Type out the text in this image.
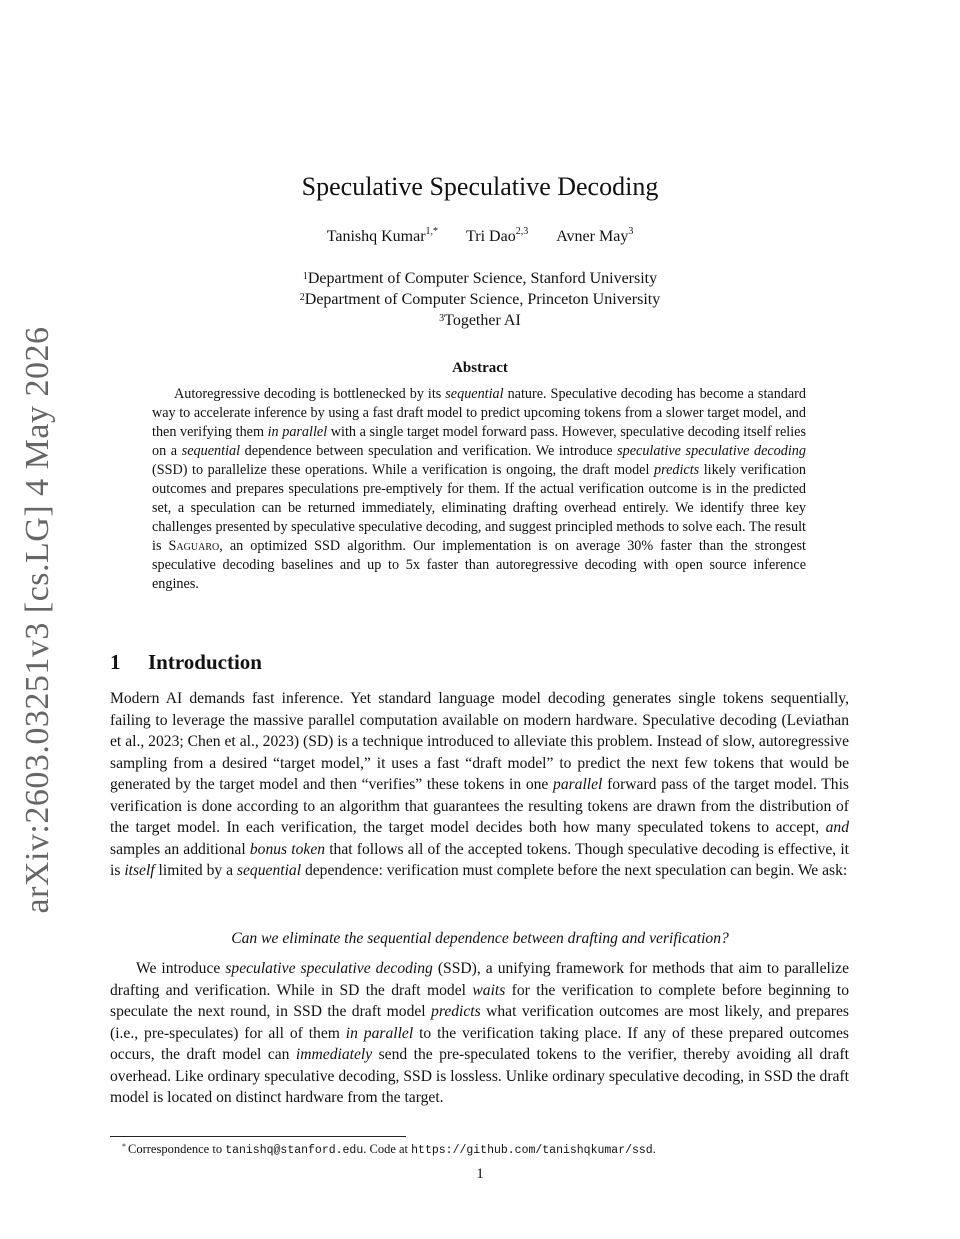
arXiv:2603.03251v3 [cs.LG] 4 May 2026
Speculative Speculative Decoding
Tanishq Kumar$^{1,*}$ Tri Dao$^{2,3}$ Avner May$^3$
$^1$Department of Computer Science, Stanford University
$^2$Department of Computer Science, Princeton University
$^3$Together AI
Abstract
Autoregressive decoding is bottlenecked by its sequential nature. Speculative decoding has become a standard way to accelerate inference by using a fast draft model to predict upcoming tokens from a slower target model, and then verifying them in parallel with a single target model forward pass. However, speculative decoding itself relies on a sequential dependence between speculation and verification. We introduce speculative speculative decoding (SSD) to parallelize these operations. While a verification is ongoing, the draft model predicts likely verification outcomes and prepares speculations pre-emptively for them. If the actual verification outcome is in the predicted set, a speculation can be returned immediately, eliminating drafting overhead entirely. We identify three key challenges presented by speculative speculative decoding, and suggest principled methods to solve each. The result is Saguaro, an optimized SSD algorithm. Our implementation is on average 30% faster than the strongest speculative decoding baselines and up to 5x faster than autoregressive decoding with open source inference engines.
1 Introduction

Modern AI demands fast inference. Yet standard language model decoding generates single tokens sequentially, failing to leverage the massive parallel computation available on modern hardware. Speculative decoding (Leviathan et al., 2023; Chen et al., 2023) (SD) is a technique introduced to alleviate this problem. Instead of slow, autoregressive sampling from a desired “target model,” it uses a fast “draft model” to predict the next few tokens that would be generated by the target model and then “verifies” these tokens in one parallel forward pass of the target model. This verification is done according to an algorithm that guarantees the resulting tokens are drawn from the distribution of the target model. In each verification, the target model decides both how many speculated tokens to accept, and samples an additional bonus token that follows all of the accepted tokens. Though speculative decoding is effective, it is itself limited by a sequential dependence: verification must complete before the next speculation can begin. We ask:

Can we eliminate the sequential dependence between drafting and verification?

We introduce speculative speculative decoding (SSD), a unifying framework for methods that aim to parallelize drafting and verification. While in SD the draft model waits for the verification to complete before beginning to speculate the next round, in SSD the draft model predicts what verification outcomes are most likely, and prepares (i.e., pre-speculates) for all of them in parallel to the verification taking place. If any of these prepared outcomes occurs, the draft model can immediately send the pre-speculated tokens to the verifier, thereby avoiding all draft overhead. Like ordinary speculative decoding, SSD is lossless. Unlike ordinary speculative decoding, in SSD the draft model is located on distinct hardware from the target.

* Correspondence to tanishq@stanford.edu. Code at https://github.com/tanishqkumar/ssd.
1
